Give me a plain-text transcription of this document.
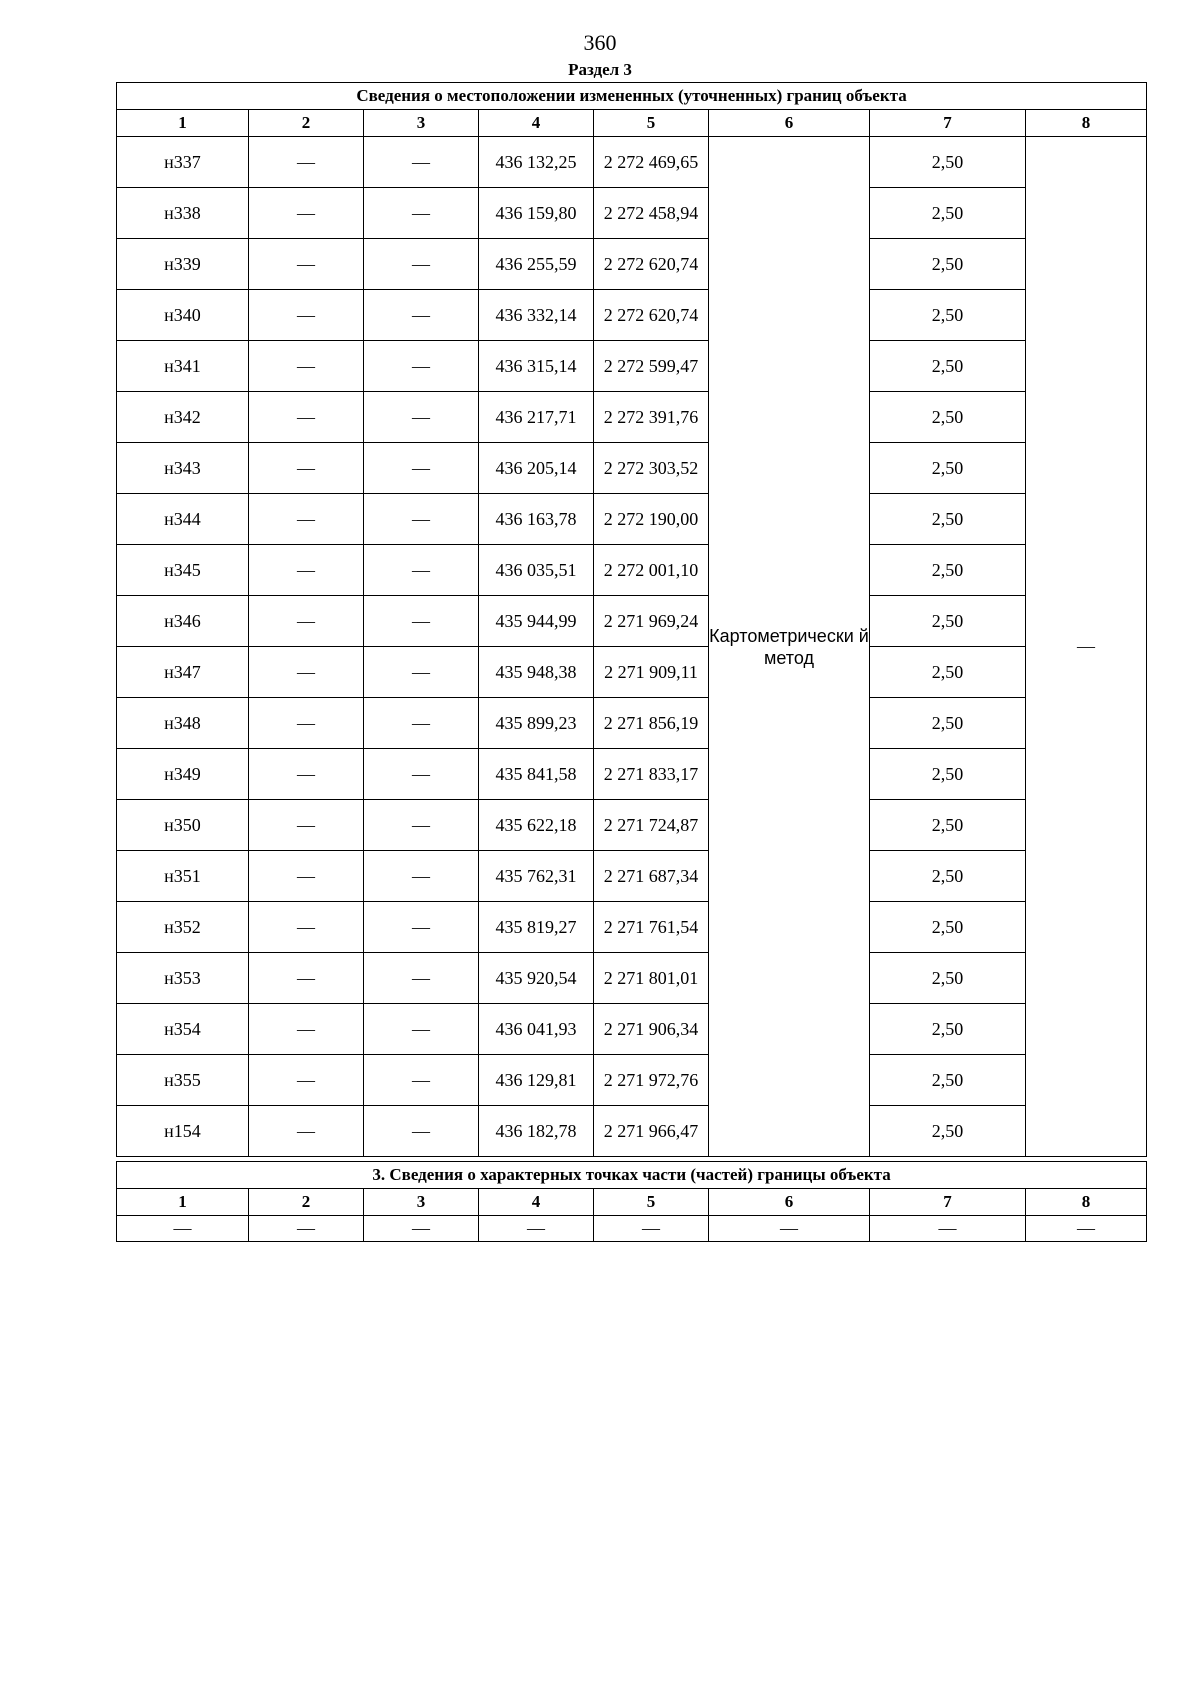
360
Раздел 3
Сведения о местоположении измененных (уточненных) границ объекта							
1	2	3	4	5	6	7	8
н337	—	—	436 132,25	2 272 469,65	Картометрически й метод	2,50	—
н338	—	—	436 159,80	2 272 458,94		2,50	
н339	—	—	436 255,59	2 272 620,74		2,50	
н340	—	—	436 332,14	2 272 620,74		2,50	
н341	—	—	436 315,14	2 272 599,47		2,50	
н342	—	—	436 217,71	2 272 391,76		2,50	
н343	—	—	436 205,14	2 272 303,52		2,50	
н344	—	—	436 163,78	2 272 190,00		2,50	
н345	—	—	436 035,51	2 272 001,10		2,50	
н346	—	—	435 944,99	2 271 969,24		2,50	
н347	—	—	435 948,38	2 271 909,11		2,50	
н348	—	—	435 899,23	2 271 856,19		2,50	
н349	—	—	435 841,58	2 271 833,17		2,50	
н350	—	—	435 622,18	2 271 724,87		2,50	
н351	—	—	435 762,31	2 271 687,34		2,50	
н352	—	—	435 819,27	2 271 761,54		2,50	
н353	—	—	435 920,54	2 271 801,01		2,50	
н354	—	—	436 041,93	2 271 906,34		2,50	
н355	—	—	436 129,81	2 271 972,76		2,50	
н154	—	—	436 182,78	2 271 966,47		2,50	
3. Сведения о характерных точках части (частей) границы объекта							
1	2	3	4	5	6	7	8
—	—	—	—	—	—	—	—
